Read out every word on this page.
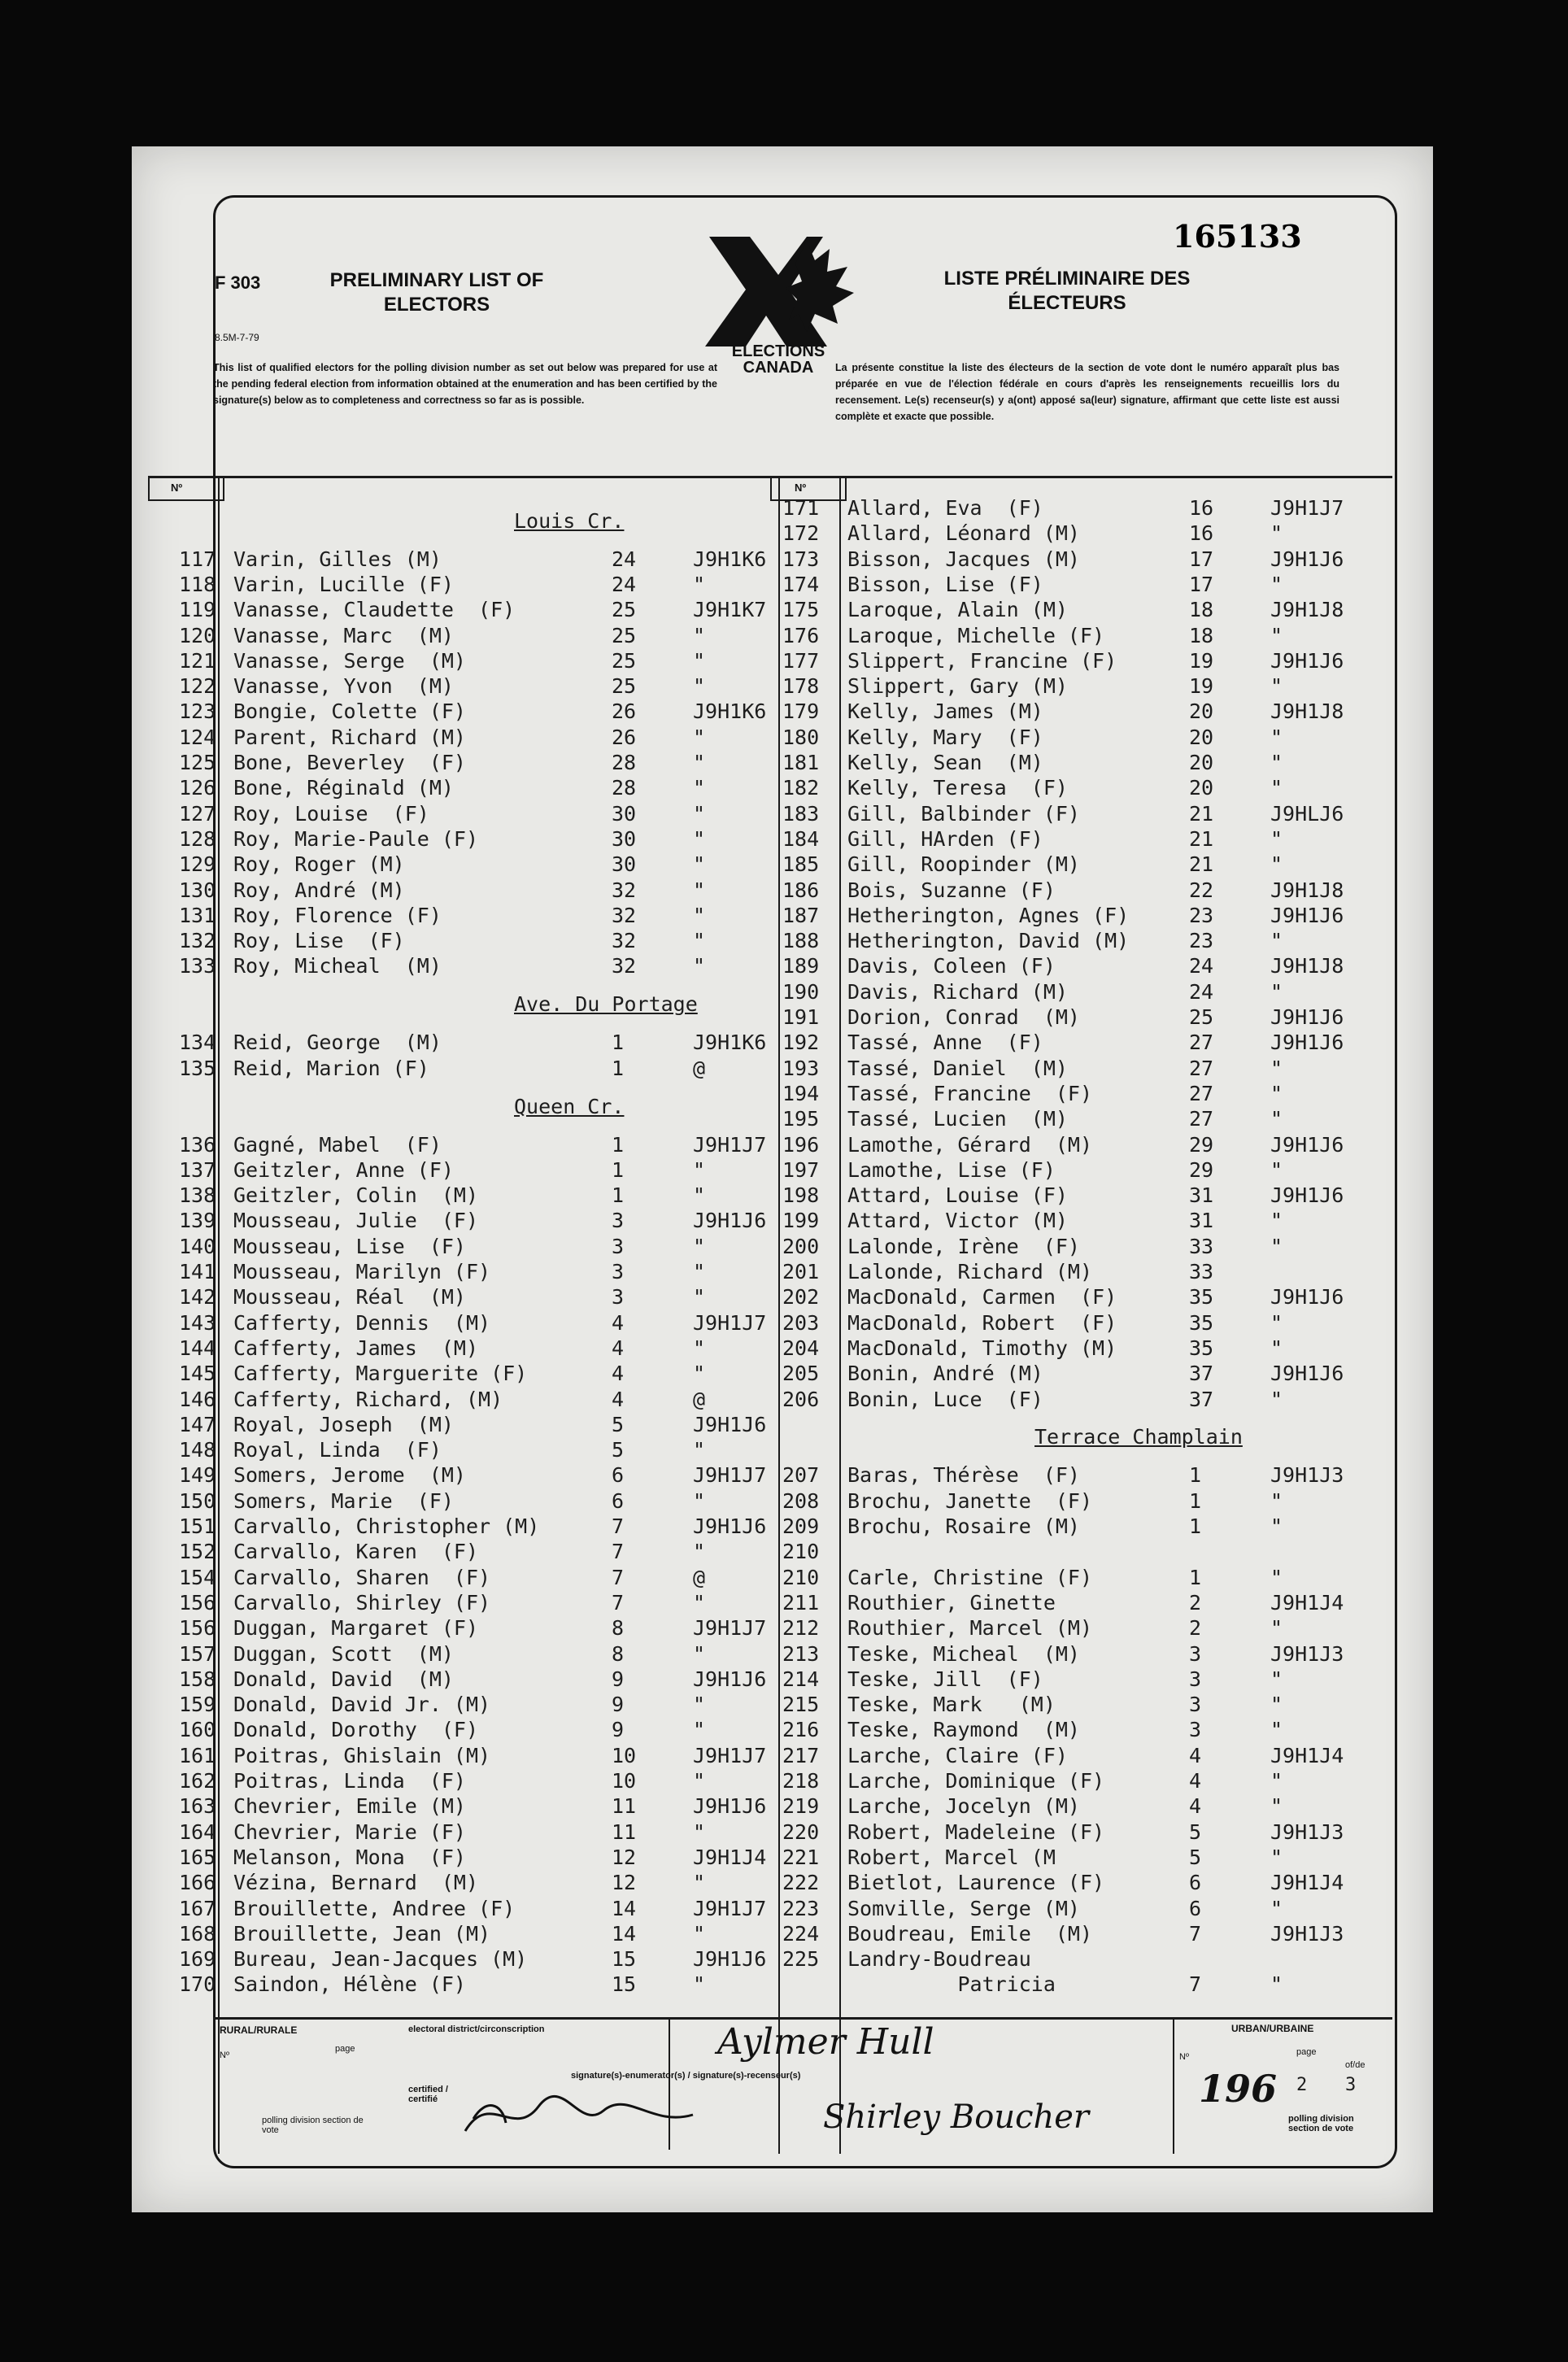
F 303
8.5M-7-79
PRELIMINARY LIST OF ELECTORS
LISTE PRÉLIMINAIRE DES ÉLECTEURS
165133
ELECTIONS
CANADA
This list of qualified electors for the polling division number as set out below was prepared for use at the pending federal election from information obtained at the enumeration and has been certified by the signature(s) below as to completeness and correctness so far as is possible.
La présente constitue la liste des électeurs de la section de vote dont le numéro apparaît plus bas préparée en vue de l'élection fédérale en cours d'après les renseignements recueillis lors du recensement. Le(s) recenseur(s) y a(ont) apposé sa(leur) signature, affirmant que cette liste est aussi complète et exacte que possible.
Nº	Nº
Louis Cr.
117 Varin, Gilles (M)	24	J9H1K6
118 Varin, Lucille (F)	24	"
119 Vanasse, Claudette  (F)	25	J9H1K7
120 Vanasse, Marc  (M)	25	"
121 Vanasse, Serge  (M)	25	"
122 Vanasse, Yvon  (M)	25	"
123 Bongie, Colette (F)	26	J9H1K6
124 Parent, Richard (M)	26	"
125 Bone, Beverley  (F)	28	"
126 Bone, Réginald (M)	28	"
127 Roy, Louise  (F)	30	"
128 Roy, Marie-Paule (F)	30	"
129 Roy, Roger (M)	30	"
130 Roy, André (M)	32	"
131 Roy, Florence (F)	32	"
132 Roy, Lise  (F)	32	"
133 Roy, Micheal  (M)	32	"
Ave. Du Portage
134 Reid, George  (M)	1	J9H1K6
135 Reid, Marion (F)	1	@
Queen Cr.
136 Gagné, Mabel  (F)	1	J9H1J7
137 Geitzler, Anne (F)	1	"
138 Geitzler, Colin  (M)	1	"
139 Mousseau, Julie  (F)	3	J9H1J6
140 Mousseau, Lise  (F)	3	"
141 Mousseau, Marilyn (F)	3	"
142 Mousseau, Réal  (M)	3	"
143 Cafferty, Dennis  (M)	4	J9H1J7
144 Cafferty, James  (M)	4	"
145 Cafferty, Marguerite (F)	4	"
146 Cafferty, Richard, (M)	4	@
147 Royal, Joseph  (M)	5	J9H1J6
148 Royal, Linda  (F)	5	"
149 Somers, Jerome  (M)	6	J9H1J7
150 Somers, Marie  (F)	6	"
151 Carvallo, Christopher (M)	7	J9H1J6
152 Carvallo, Karen  (F)	7	"
154 Carvallo, Sharen  (F)	7	@
156 Carvallo, Shirley (F)	7	"
156 Duggan, Margaret (F)	8	J9H1J7
157 Duggan, Scott  (M)	8	"
158 Donald, David  (M)	9	J9H1J6
159 Donald, David Jr. (M)	9	"
160 Donald, Dorothy  (F)	9	"
161 Poitras, Ghislain (M)	10	J9H1J7
162 Poitras, Linda  (F)	10	"
163 Chevrier, Emile (M)	11	J9H1J6
164 Chevrier, Marie (F)	11	"
165 Melanson, Mona  (F)	12	J9H1J4
166 Vézina, Bernard  (M)	12	"
167 Brouillette, Andree (F)	14	J9H1J7
168 Brouillette, Jean (M)	14	"
169 Bureau, Jean-Jacques (M)	15	J9H1J6
170 Saindon, Hélène (F)	15	"
171 Allard, Eva  (F)	16	J9H1J7
172 Allard, Léonard (M)	16	"
173 Bisson, Jacques (M)	17	J9H1J6
174 Bisson, Lise (F)	17	"
175 Laroque, Alain (M)	18	J9H1J8
176 Laroque, Michelle (F)	18	"
177 Slippert, Francine (F)	19	J9H1J6
178 Slippert, Gary (M)	19	"
179 Kelly, James (M)	20	J9H1J8
180 Kelly, Mary  (F)	20	"
181 Kelly, Sean  (M)	20	"
182 Kelly, Teresa  (F)	20	"
183 Gill, Balbinder (F)	21	J9HLJ6
184 Gill, HArden (F)	21	"
185 Gill, Roopinder (M)	21	"
186 Bois, Suzanne (F)	22	J9H1J8
187 Hetherington, Agnes (F)	23	J9H1J6
188 Hetherington, David (M)	23	"
189 Davis, Coleen (F)	24	J9H1J8
190 Davis, Richard (M)	24	"
191 Dorion, Conrad  (M)	25	J9H1J6
192 Tassé, Anne  (F)	27	J9H1J6
193 Tassé, Daniel  (M)	27	"
194 Tassé, Francine  (F)	27	"
195 Tassé, Lucien  (M)	27	"
196 Lamothe, Gérard  (M)	29	J9H1J6
197 Lamothe, Lise (F)	29	"
198 Attard, Louise (F)	31	J9H1J6
199 Attard, Victor (M)	31	"
200 Lalonde, Irène  (F)	33	"
201 Lalonde, Richard (M)	33
202 MacDonald, Carmen  (F)	35	J9H1J6
203 MacDonald, Robert  (F)	35	"
204 MacDonald, Timothy (M)	35	"
205 Bonin, André (M)	37	J9H1J6
206 Bonin, Luce  (F)	37	"
Terrace Champlain
207 Baras, Thérèse  (F)	1	J9H1J3
208 Brochu, Janette  (F)	1	"
209 Brochu, Rosaire (M)	1	"
210
210 Carle, Christine (F)	1	"
211 Routhier, Ginette	2	J9H1J4
212 Routhier, Marcel (M)	2	"
213 Teske, Micheal  (M)	3	J9H1J3
214 Teske, Jill  (F)	3	"
215 Teske, Mark   (M)	3	"
216 Teske, Raymond  (M)	3	"
217 Larche, Claire (F)	4	J9H1J4
218 Larche, Dominique (F)	4	"
219 Larche, Jocelyn (M)	4	"
220 Robert, Madeleine (F)	5	J9H1J3
221 Robert, Marcel (M	5	"
222 Bietlot, Laurence (F)	6	J9H1J4
223 Somville, Serge (M)	6	"
224 Boudreau, Emile  (M)	7	J9H1J3
225 Landry-Boudreau
Patricia	7	"
RURAL/RURALE
Nº
page
polling division section de vote
electoral district/circonscription
certified / certifié
Aylmer Hull
signature(s)-enumerator(s) / signature(s)-recenseur(s)
Shirley Boucher
URBAN/URBAINE
Nº	page
of/de
196 2 3
polling division section de vote
